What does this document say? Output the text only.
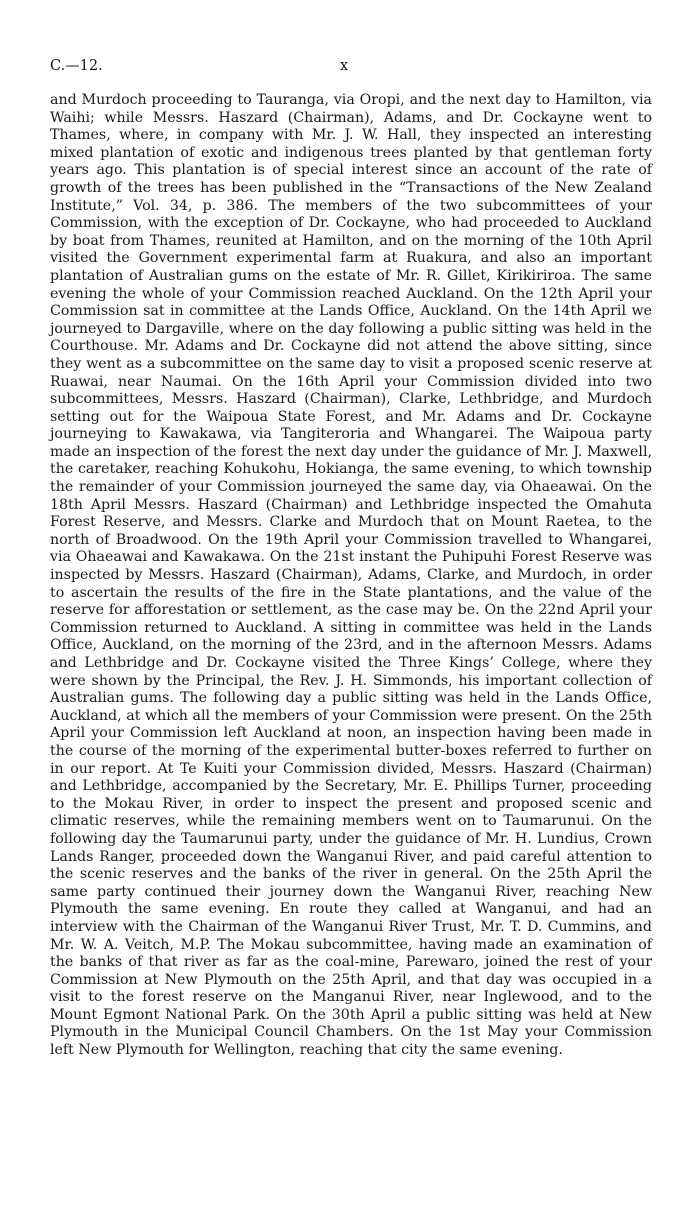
C.—12.	x

and Murdoch proceeding to Tauranga, via Oropi, and the next day to Hamilton, via Waihi; while Messrs. Haszard (Chairman), Adams, and Dr. Cockayne went to Thames, where, in company with Mr. J. W. Hall, they inspected an interesting mixed plantation of exotic and indigenous trees planted by that gentleman forty years ago. This plantation is of special interest since an account of the rate of growth of the trees has been published in the “Transactions of the New Zealand Institute,” Vol. 34, p. 386. The members of the two subcommittees of your Commission, with the exception of Dr. Cockayne, who had proceeded to Auckland by boat from Thames, reunited at Hamilton, and on the morning of the 10th April visited the Government experimental farm at Ruakura, and also an important plantation of Australian gums on the estate of Mr. R. Gillet, Kirikiriroa. The same evening the whole of your Commission reached Auckland. On the 12th April your Commission sat in committee at the Lands Office, Auckland. On the 14th April we journeyed to Dargaville, where on the day following a public sitting was held in the Courthouse. Mr. Adams and Dr. Cockayne did not attend the above sitting, since they went as a subcommittee on the same day to visit a proposed scenic reserve at Ruawai, near Naumai. On the 16th April your Commission divided into two subcommittees, Messrs. Haszard (Chairman), Clarke, Lethbridge, and Murdoch setting out for the Waipoua State Forest, and Mr. Adams and Dr. Cockayne journeying to Kawakawa, via Tangiteroria and Whangarei. The Waipoua party made an inspection of the forest the next day under the guidance of Mr. J. Maxwell, the caretaker, reaching Kohukohu, Hokianga, the same evening, to which township the remainder of your Commission journeyed the same day, via Ohaeawai. On the 18th April Messrs. Haszard (Chairman) and Lethbridge inspected the Omahuta Forest Reserve, and Messrs. Clarke and Murdoch that on Mount Raetea, to the north of Broadwood. On the 19th April your Commission travelled to Whangarei, via Ohaeawai and Kawakawa. On the 21st instant the Puhipuhi Forest Reserve was inspected by Messrs. Haszard (Chairman), Adams, Clarke, and Murdoch, in order to ascertain the results of the fire in the State plantations, and the value of the reserve for afforestation or settlement, as the case may be. On the 22nd April your Commission returned to Auckland. A sitting in committee was held in the Lands Office, Auckland, on the morning of the 23rd, and in the afternoon Messrs. Adams and Lethbridge and Dr. Cockayne visited the Three Kings’ College, where they were shown by the Principal, the Rev. J. H. Simmonds, his important collection of Australian gums. The following day a public sitting was held in the Lands Office, Auckland, at which all the members of your Commission were present. On the 25th April your Commission left Auckland at noon, an inspection having been made in the course of the morning of the experimental butter-boxes referred to further on in our report. At Te Kuiti your Commission divided, Messrs. Haszard (Chairman) and Lethbridge, accompanied by the Secretary, Mr. E. Phillips Turner, proceeding to the Mokau River, in order to inspect the present and proposed scenic and climatic reserves, while the remaining members went on to Taumarunui. On the following day the Taumarunui party, under the guidance of Mr. H. Lundius, Crown Lands Ranger, proceeded down the Wanganui River, and paid careful attention to the scenic reserves and the banks of the river in general. On the 25th April the same party continued their journey down the Wanganui River, reaching New Plymouth the same evening. En route they called at Wanganui, and had an interview with the Chairman of the Wanganui River Trust, Mr. T. D. Cummins, and Mr. W. A. Veitch, M.P. The Mokau subcommittee, having made an examination of the banks of that river as far as the coal-mine, Parewaro, joined the rest of your Commission at New Plymouth on the 25th April, and that day was occupied in a visit to the forest reserve on the Manganui River, near Inglewood, and to the Mount Egmont National Park. On the 30th April a public sitting was held at New Plymouth in the Municipal Council Chambers. On the 1st May your Commission left New Plymouth for Wellington, reaching that city the same evening.
